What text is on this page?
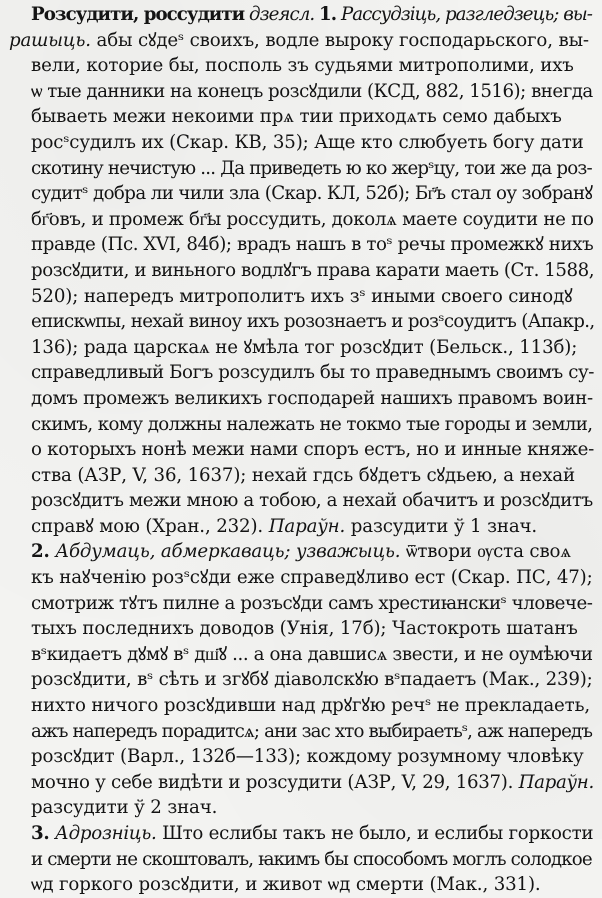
Розсудити, россудити дзеясл. 1. Рассудзіць, разгледзець; вы-
рашыць. абы сꙋдеˢ своихъ, водле выроку господарьского, вы-
вели, которие бы, посполь зъ судьями митрополими, ихъ
ѡ тые данники на конецъ розсꙋдили (КСД, 882, 1516); внегда
бываеть межи некоими прѧ тии приходѧть семо дабыхъ
росˢсудилъ их (Скар. КВ, 35); Аще кто слюбуеть богу дати
скотину нечистую ... Да приведеть ю ко жерˢцу, тои же да роз-
судитˢ добра ли чили зла (Скар. КЛ, 52б); Бг҃ъ стал оу зобранꙋ
бг҃овъ, и промеж бг҃ы россудить, доколѧ маете соудити не по
правде (Пс. XVI, 84б); врадъ нашъ в тоˢ речы промежкꙋ нихъ
розсꙋдити, и виньного водлꙋгъ права карати маеть (Ст. 1588,
520); напередъ митрополитъ ихъ зˢ иными своего синодꙋ
епискѡпы, нехай виноу ихъ розознаетъ и розˢсоудитъ (Апакр.,
136); рада царскаѧ не ꙋмѣла тог розсꙋдит (Бельск., 113б);
справедливый Богъ розсудилъ бы то праведнымъ своимъ су-
домъ промежъ великихъ господарей нашихъ правомъ воин-
скимъ, кому должны належать не токмо тые городы и земли,
о которыхъ нонѣ межи нами споръ естъ, но и инные княже-
ства (АЗР, V, 36, 1637); нехай гдсь бꙋдетъ сꙋдьею, а нехай
розсꙋдитъ межи мною а тобою, а нехай обачитъ и розсꙋдитъ
справꙋ мою (Хран., 232). Параўн. разсудити ў 1 знач.
2. Абдумаць, абмеркаваць; узважыць. ѿтвори ѹста своѧ
къ наꙋченію розˢсꙋди еже справедꙋливо ест (Скар. ПС, 47);
смотриж тꙋтъ пилне а розъсꙋди самъ хрестиꙗнскиˢ чловече-
тыхъ последнихъ доводов (Унія, 17б); Частокроть шатанъ
вˢкидаетъ дꙋмꙋ вˢ дш҃ꙋ ... а она давшисѧ звести, и не оумѣючи
розсꙋдити, вˢ сѣть и згꙋбꙋ діаволскꙋю вˢпадаетъ (Мак., 239);
нихто ничого розсꙋдивши над дрꙋгꙋю речˢ не прекладаеть,
ажъ напередъ порадитсѧ; ани зас хто выбираетьˢ, аж напередъ
розсꙋдит (Варл., 132б—133); кождому розумному чловѣку
мочно у себе видѣти и розсудити (АЗР, V, 29, 1637). Параўн.
разсудити ў 2 знач.
3. Адрозніць. Што еслибы такъ не было, и еслибы горкости
и смерти не скоштовалъ, ꙗкимъ бы способомъ моглъ солодкое
ѡд горкого розсꙋдити, и живот ѡд смерти (Мак., 331).
